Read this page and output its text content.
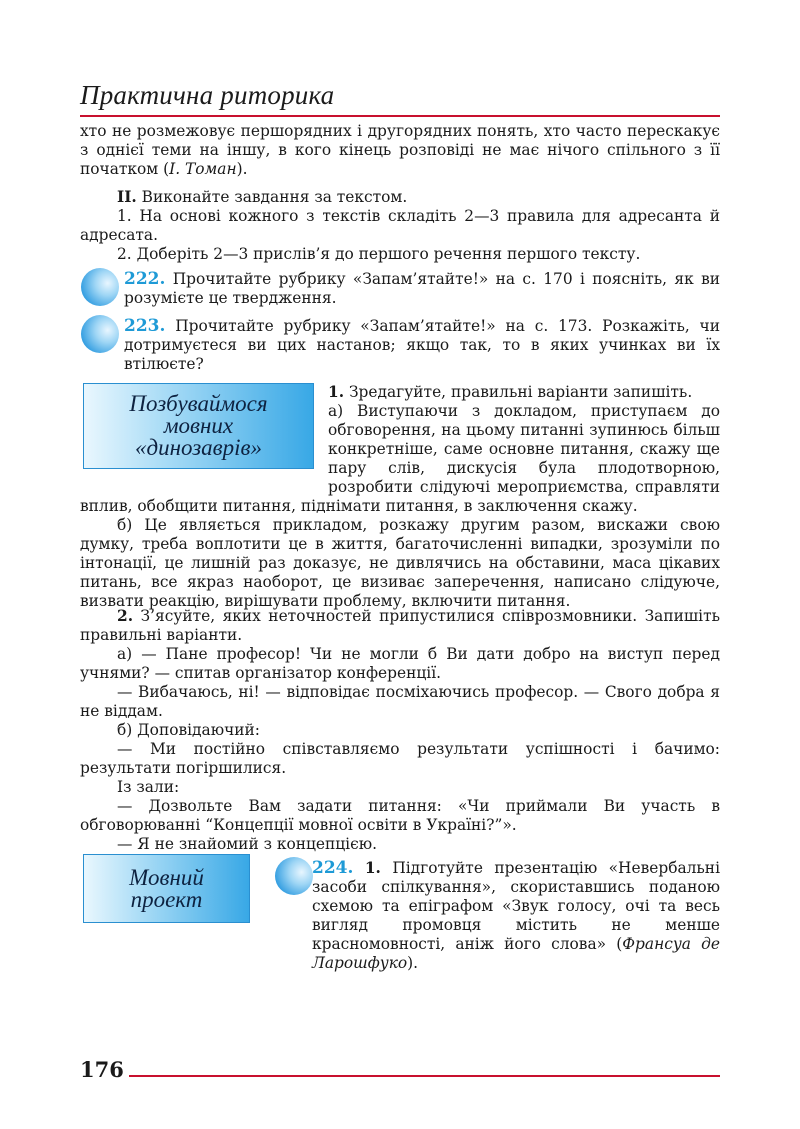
Практична риторика

хто не розмежовує першорядних і другорядних понять, хто часто перескакує з однієї теми на іншу, в кого кінець розповіді не має нічого спільного з її початком (І. Томан).

II. Виконайте завдання за текстом.

1. На основі кожного з текстів складіть 2—3 правила для адресанта й адресата.

2. Доберіть 2—3 прислів’я до першого речення першого тексту.

222. Прочитайте рубрику «Запам’ятайте!» на с. 170 і поясніть, як ви розумієте це твердження.

223. Прочитайте рубрику «Запам’ятайте!» на с. 173. Розкажіть, чи дотримуєтеся ви цих настанов; якщо так, то в яких учинках ви їх втілюєте?

Позбуваймося
мовних
«динозаврів»

1. Зредагуйте, правильні варіанти запишіть.

а) Виступаючи з докладом, приступаєм до обговорення, на цьому питанні зупинюсь більш конкретніше, саме основне питання, скажу ще пару слів, дискусія була плодотворною, розробити слідуючі мероприємства, справляти вплив, обобщити питання, піднімати питання, в заключення скажу.

б) Це являється прикладом, розкажу другим разом, вискажи свою думку, треба воплотити це в життя, багаточисленні випадки, зрозуміли по інтонації, це лишній раз доказує, не дивлячись на обставини, маса цікавих питань, все якраз наоборот, це визиває заперечення, написано слідуюче, визвати реакцію, вирішувати проблему, включити питання.

2. З’ясуйте, яких неточностей припустилися співрозмовники. Запишіть правильні варіанти.

а) — Пане професор! Чи не могли б Ви дати добро на виступ перед учнями? — спитав організатор конференції.

— Вибачаюсь, ні! — відповідає посміхаючись професор. — Свого добра я не віддам.

б) Доповідаючий:

— Ми постійно співставляємо результати успішності і бачимо: результати погіршилися.

Із зали:

— Дозвольте Вам задати питання: «Чи приймали Ви участь в обговорюванні “Концепції мовної освіти в Україні?”».

— Я не знайомий з концепцією.

Мовний
проект

224. 1. Підготуйте презентацію «Невербальні засоби спілкування», скориставшись поданою схемою та епіграфом «Звук голосу, очі та весь вигляд промовця містить не менше красномовності, аніж його слова» (Франсуа де Ларошфуко).

176
